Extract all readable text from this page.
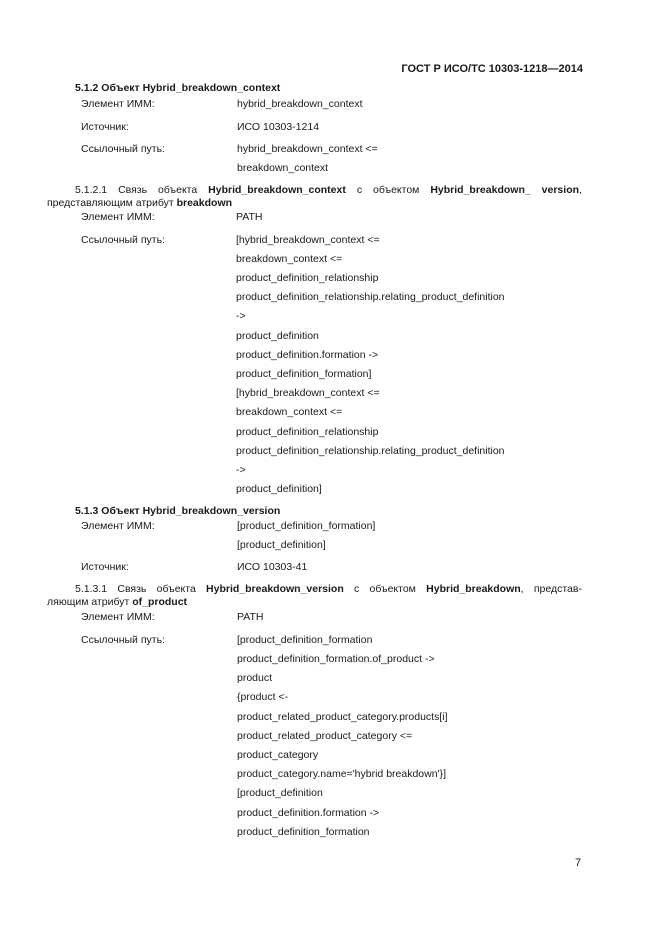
ГОСТ Р ИСО/ТС 10303-1218—2014
5.1.2 Объект Hybrid_breakdown_context
Элемент ИММ:	hybrid_breakdown_context
Источник:	ИСО 10303-1214
Ссылочный путь:	hybrid_breakdown_context <=
breakdown_context
5.1.2.1 Связь объекта Hybrid_breakdown_context с объектом Hybrid_breakdown_ version,
представляющим атрибут breakdown
Элемент ИММ:	PATH
Ссылочный путь:	[hybrid_breakdown_context <=
breakdown_context <=
product_definition_relationship
product_definition_relationship.relating_product_definition
->
product_definition
product_definition.formation ->
product_definition_formation]
[hybrid_breakdown_context <=
breakdown_context <=
product_definition_relationship
product_definition_relationship.relating_product_definition
->
product_definition]
5.1.3 Объект Hybrid_breakdown_version
Элемент ИММ:	[product_definition_formation]
[product_definition]
Источник:	ИСО 10303-41
5.1.3.1 Связь объекта Hybrid_breakdown_version с объектом Hybrid_breakdown, представ-
ляющим атрибут of_product
Элемент ИММ:	PATH
Ссылочный путь:	[product_definition_formation
product_definition_formation.of_product ->
product
{product <-
product_related_product_category.products[i]
product_related_product_category <=
product_category
product_category.name='hybrid breakdown'}]
[product_definition
product_definition.formation ->
product_definition_formation
7
